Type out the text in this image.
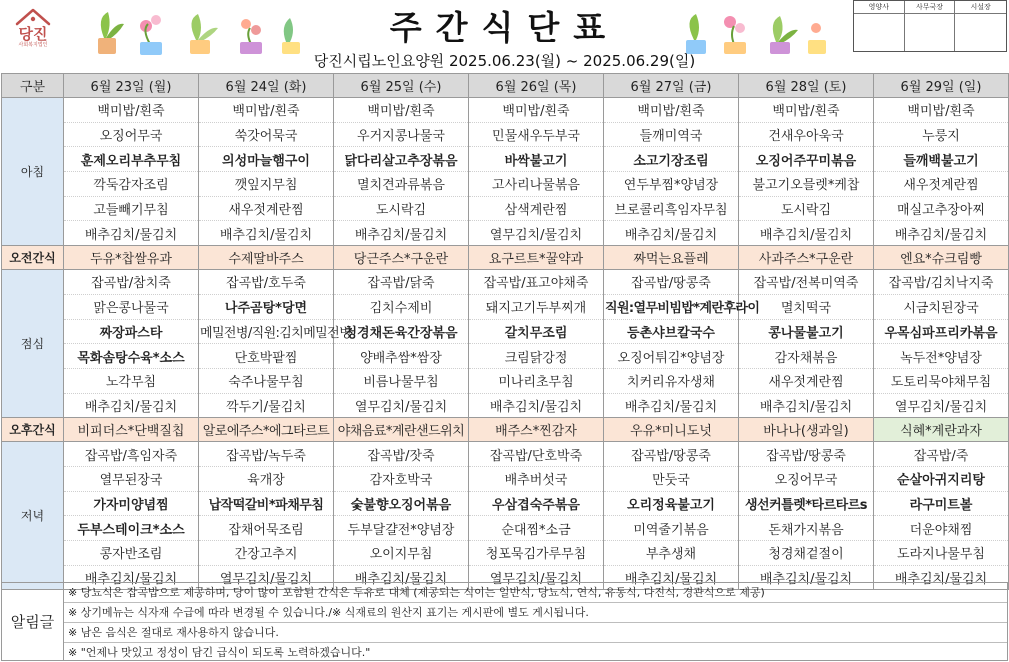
당진
사회복지법인	주간식단표
당진시립노인요양원 2025.06.23(월) ~ 2025.06.29(일)
영양사	사무국장	시설장
구분	6월 23일 (월)	6월 24일 (화)	6월 25일 (수)	6월 26일 (목)	6월 27일 (금)	6월 28일 (토)	6월 29일 (일)
아침	백미밥/흰죽	백미밥/흰죽	백미밥/흰죽	백미밥/흰죽	백미밥/흰죽	백미밥/흰죽	백미밥/흰죽
	오징어무국	쑥갓어묵국	우거지콩나물국	민물새우두부국	들깨미역국	건새우아욱국	누룽지
	훈제오리부추무침	의성마늘햄구이	닭다리살고추장볶음	바싹불고기	소고기장조림	오징어주꾸미볶음	들깨백불고기
	깍둑감자조림	깻잎지무침	멸치견과류볶음	고사리나물볶음	연두부찜*양념장	불고기오믈렛*케찹	새우젓계란찜
	고들빼기무침	새우젓계란찜	도시락김	삼색계란찜	브로콜리흑임자무침	도시락김	매실고추장아찌
	배추김치/물김치	배추김치/물김치	배추김치/물김치	열무김치/물김치	배추김치/물김치	배추김치/물김치	배추김치/물김치
오전간식	두유*찹쌀유과	수제딸바주스	당근주스*구운란	요구르트*꿀약과	짜먹는요플레	사과주스*구운란	엔요*슈크림빵
점심	잡곡밥/참치죽	잡곡밥/호두죽	잡곡밥/닭죽	잡곡밥/표고야채죽	잡곡밥/땅콩죽	잡곡밥/전복미역죽	잡곡밥/김치낙지죽
	맑은콩나물국	나주곰탕*당면	김치수제비	돼지고기두부찌개	직원:열무비빔밥*계란후라이	멸치떡국	시금치된장국
	짜장파스타	메밀전병/직원:김치메밀전병	청경채돈육간장볶음	갈치무조림	등촌샤브칼국수	콩나물불고기	우목심파프리카볶음
	목화솜탕수육*소스	단호박팥찜	양배추쌈*쌈장	크림닭강정	오징어튀김*양념장	감자채볶음	녹두전*양념장
	노각무침	숙주나물무침	비름나물무침	미나리초무침	치커리유자생채	새우젓계란찜	도토리묵야채무침
	배추김치/물김치	깍두기/물김치	열무김치/물김치	배추김치/물김치	배추김치/물김치	배추김치/물김치	열무김치/물김치
오후간식	비피더스*단백질칩	알로에주스*에그타르트	야채음료*계란샌드위치	배주스*찐감자	우유*미니도넛	바나나(생과일)	식혜*계란과자
저녁	잡곡밥/흑임자죽	잡곡밥/녹두죽	잡곡밥/잣죽	잡곡밥/단호박죽	잡곡밥/땅콩죽	잡곡밥/땅콩죽	잡곡밥/죽
	열무된장국	육개장	감자호박국	배추버섯국	만둣국	오징어무국	순살아귀지리탕
	가자미양념찜	납작떡갈비*파채무침	숯불향오징어볶음	우삼겹숙주볶음	오리정육불고기	생선커틀렛*타르타르s	라구미트볼
	두부스테이크*소스	잡채어묵조림	두부달걀전*양념장	순대찜*소금	미역줄기볶음	돈채가지볶음	더운야채찜
	콩자반조림	간장고추지	오이지무침	청포묵김가루무침	부추생채	청경채겉절이	도라지나물무침
	배추김치/물김치	열무김치/물김치	배추김치/물김치	열무김치/물김치	배추김치/물김치	배추김치/물김치	배추김치/물김치
알림글
※ 당뇨식은 잡곡밥으로 제공하며, 당이 많이 포함된 간식은 두유로 대체 (제공되는 식이는 일반식, 당뇨식, 연식, 유동식, 다진식, 경관식으로 제공)
※ 상기메뉴는 식자재 수급에 따라 변경될 수 있습니다./※ 식재료의 원산지 표기는 게시판에 별도 게시됩니다.
※ 남은 음식은 절대로 재사용하지 않습니다.
※ "언제나 맛있고 정성이 담긴 급식이 되도록 노력하겠습니다."
